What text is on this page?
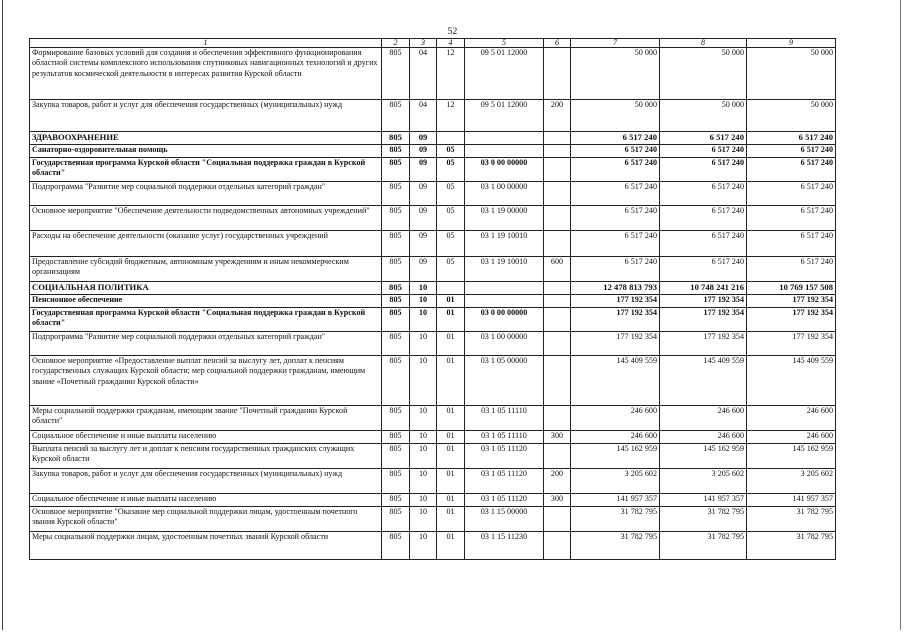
52
1	2	3	4	5	6	7	8	9
Формирование базовых условий для создания и обеспечения эффективного функционирования областной системы комплексного использования спутниковых навигационных технологий и других результатов космической деятельности в интересах развития Курской области	805	04	12	09 5 01 12000		50 000	50 000	50 000
Закупка товаров, работ и услуг для обеспечения государственных (муниципальных) нужд	805	04	12	09 5 01 12000	200	50 000	50 000	50 000
ЗДРАВООХРАНЕНИЕ	805	09				6 517 240	6 517 240	6 517 240
Санаторно-оздоровительная помощь	805	09	05			6 517 240	6 517 240	6 517 240
Государственная программа Курской области "Социальная поддержка граждан в Курской области"	805	09	05	03 0 00 00000		6 517 240	6 517 240	6 517 240
Подпрограмма "Развитие мер социальной поддержки отдельных категорий граждан"	805	09	05	03 1 00 00000		6 517 240	6 517 240	6 517 240
Основное мероприятие "Обеспечение деятельности подведомственных автономных учреждений"	805	09	05	03 1 19 00000		6 517 240	6 517 240	6 517 240
Расходы на обеспечение деятельности (оказание услуг) государственных учреждений	805	09	05	03 1 19 10010		6 517 240	6 517 240	6 517 240
Предоставление субсидий бюджетным, автономным учреждениям и иным некоммерческим организациям	805	09	05	03 1 19 10010	600	6 517 240	6 517 240	6 517 240
СОЦИАЛЬНАЯ ПОЛИТИКА	805	10				12 478 813 793	10 748 241 216	10 769 157 508
Пенсионное обеспечение	805	10	01			177 192 354	177 192 354	177 192 354
Государственная программа Курской области "Социальная поддержка граждан в Курской области"	805	10	01	03 0 00 00000		177 192 354	177 192 354	177 192 354
Подпрограмма "Развитие мер социальной поддержки отдельных категорий граждан"	805	10	01	03 1 00 00000		177 192 354	177 192 354	177 192 354
Основное мероприятие «Предоставление выплат пенсий за выслугу лет, доплат к пенсиям государственных служащих Курской области; мер социальной поддержки гражданам, имеющим звание «Почетный гражданин Курской области»	805	10	01	03 1 05 00000		145 409 559	145 409 559	145 409 559
Меры социальной поддержки гражданам, имеющим звание "Почетный гражданин Курской области"	805	10	01	03 1 05 11110		246 600	246 600	246 600
Социальное обеспечение и иные выплаты населению	805	10	01	03 1 05 11110	300	246 600	246 600	246 600
Выплата пенсий за выслугу лет и доплат к пенсиям государственных гражданских служащих Курской области	805	10	01	03 1 05 11120		145 162 959	145 162 959	145 162 959
Закупка товаров, работ и услуг для обеспечения государственных (муниципальных) нужд	805	10	01	03 1 05 11120	200	3 205 602	3 205 602	3 205 602
Социальное обеспечение и иные выплаты населению	805	10	01	03 1 05 11120	300	141 957 357	141 957 357	141 957 357
Основное мероприятие "Оказание мер социальной поддержки лицам, удостоенным почетного звания Курской области"	805	10	01	03 1 15 00000		31 782 795	31 782 795	31 782 795
Меры социальной поддержки лицам, удостоенным почетных званий Курской области	805	10	01	03 1 15 11230		31 782 795	31 782 795	31 782 795
